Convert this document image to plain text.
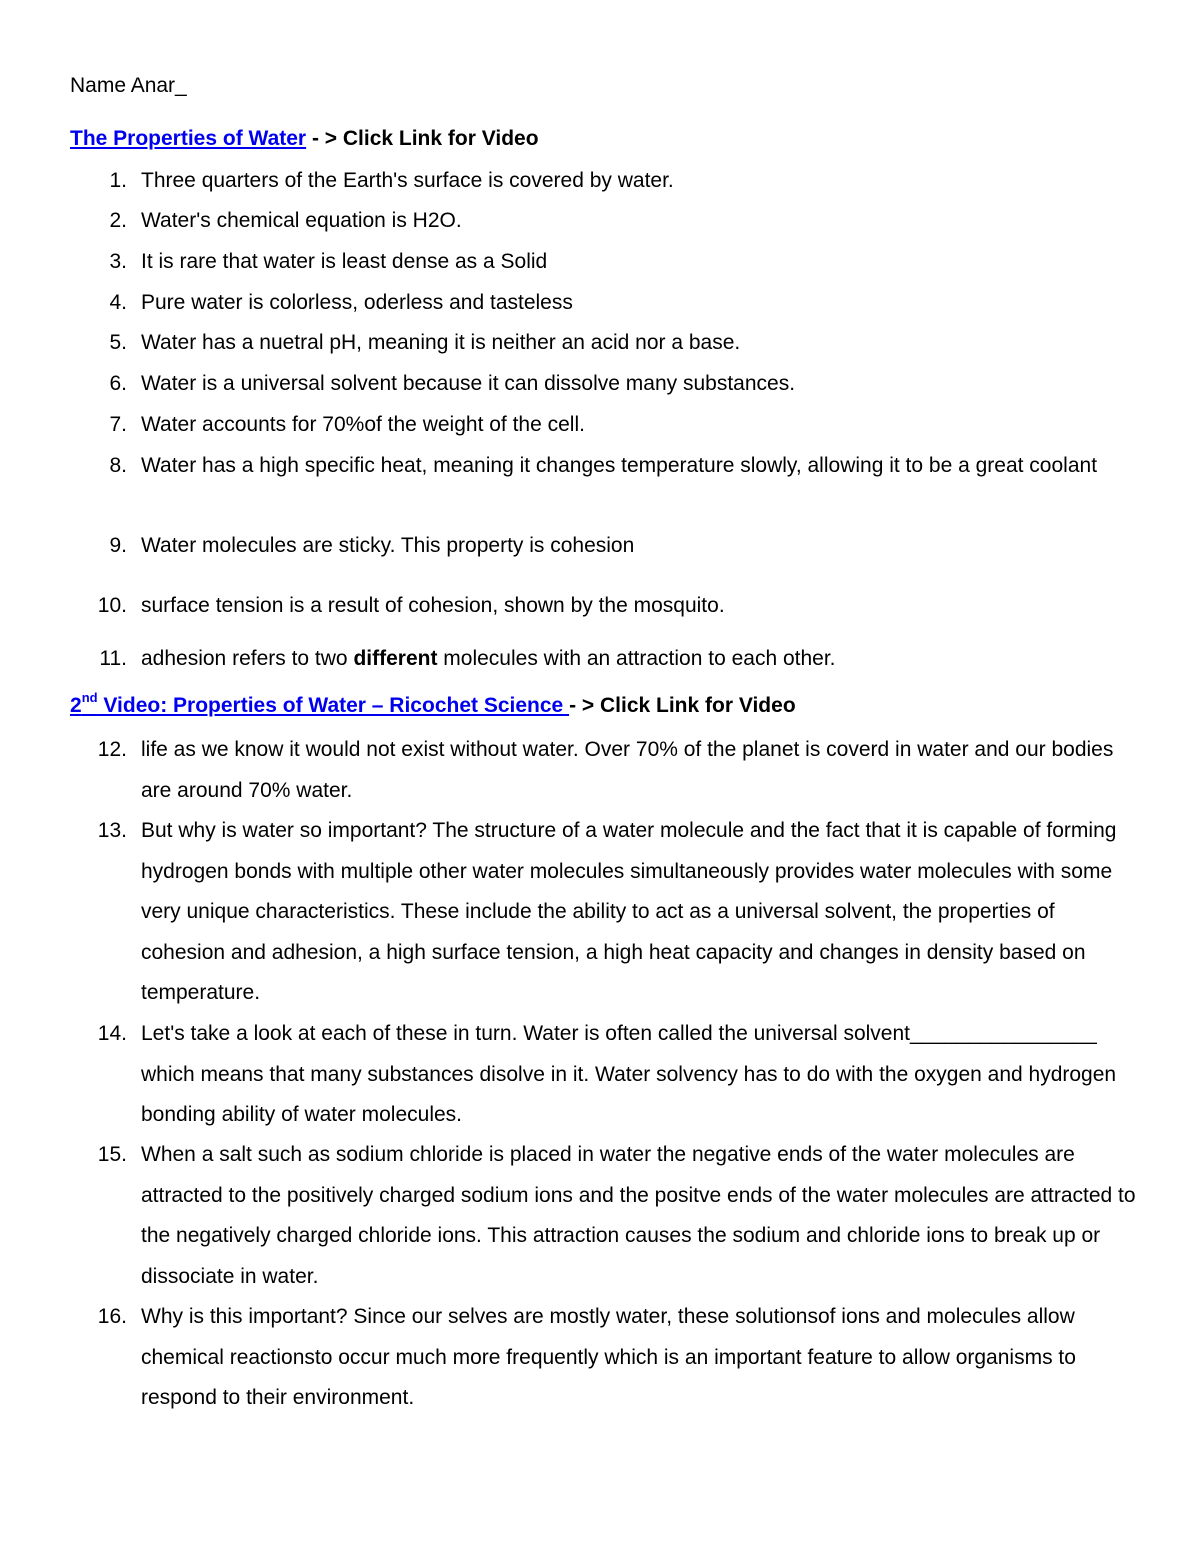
Name Anar_
The Properties of Water - > Click Link for Video
1. Three quarters of the Earth's surface is covered by water.
2. Water's chemical equation is H2O.
3. It is rare that water is least dense as a Solid
4. Pure water is colorless, oderless and tasteless
5. Water has a nuetral pH, meaning it is neither an acid nor a base.
6. Water is a universal solvent because it can dissolve many substances.
7. Water accounts for 70%of the weight of the cell.
8. Water has a high specific heat, meaning it changes temperature slowly, allowing it to be a great coolant
9. Water molecules are sticky. This property is cohesion
10. surface tension is a result of cohesion, shown by the mosquito.
11. adhesion refers to two different molecules with an attraction to each other.
2nd Video: Properties of Water – Ricochet Science - > Click Link for Video
12. life as we know it would not exist without water. Over 70% of the planet is coverd in water and our bodies are around 70% water.
13. But why is water so important? The structure of a water molecule and the fact that it is capable of forming hydrogen bonds with multiple other water molecules simultaneously provides water molecules with some very unique characteristics. These include the ability to act as a universal solvent, the properties of cohesion and adhesion, a high surface tension, a high heat capacity and changes in density based on temperature.
14. Let's take a look at each of these in turn. Water is often called the universal solvent________________ which means that many substances disolve in it. Water solvency has to do with the oxygen and hydrogen bonding ability of water molecules.
15. When a salt such as sodium chloride is placed in water the negative ends of the water molecules are attracted to the positively charged sodium ions and the positve ends of the water molecules are attracted to the negatively charged chloride ions. This attraction causes the sodium and chloride ions to break up or dissociate in water.
16. Why is this important? Since our selves are mostly water, these solutionsof ions and molecules allow chemical reactionsto occur much more frequently which is an important feature to allow organisms to respond to their environment.
